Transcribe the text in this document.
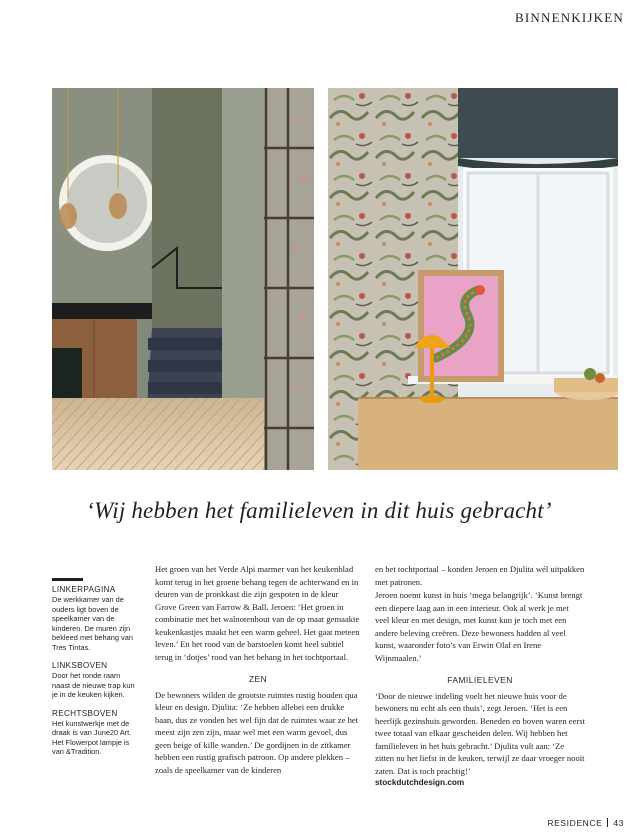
BINNENKIJKEN
‘Wij hebben het familieleven in dit huis gebracht’
LINKERPAGINA
De werkkamer van de ouders ligt boven de speelkamer van de kinderen. De muren zijn bekleed met behang van Tres Tintas.
LINKSBOVEN
Door het ronde raam naast de nieuwe trap kun je in de keuken kijken.
RECHTSBOVEN
Het kunstwerkje met de draak is van June20 Art. Het Flowerpot lampje is van &Tradition.

Het groen van het Verde Alpi marmer van het keukenblad komt terug in het groene behang tegen de achterwand en in deuren van de pronkkast die zijn gespoten in de kleur Grove Green van Farrow & Ball. Jeroen: ‘Het groen in combinatie met het walnotenhout van de op maat gemaakte keukenkastjes maakt het een warm geheel. Het gaat meteen leven.’ En het rood van de barstoelen komt heel subtiel terug in ‘dotjes’ rood van het behang in het tochtportaal.

ZEN

De bewoners wilden de grootste ruimtes rustig houden qua kleur en design. Djulita: ‘Ze hebben allebei een drukke baan, dus ze vonden het wel fijn dat de ruimtes waar ze het meest zijn zen zijn, maar wel met een warm gevoel, dus geen beige of kille wanden.’ De gordijnen in de zitkamer hebben een rustig grafisch patroon. Op andere plekken – zoals de speelkamer van de kinderen

en het tochtportaal – konden Jeroen en Djulita wél uitpakken met patronen.

Jeroen noemt kunst in huis ‘mega belangrijk’. ‘Kunst brengt een diepere laag aan in een interieur. Ook al werk je met veel kleur en met design, met kunst kun je toch met een andere beleving creëren. Deze bewoners hadden al veel kunst, waaronder foto’s van Erwin Olaf en Irene Wijnmaalen.’

FAMILIELEVEN

‘Door de nieuwe indeling voelt het nieuwe huis voor de bewoners nu echt als een thuis’, zegt Jeroen. ‘Het is een heerlijk gezinshuis geworden. Beneden en boven waren eerst twee totaal van elkaar gescheiden delen. Wij hebben het familieleven in het huis gebracht.’ Djulita vult aan: ‘Ze zitten nu het liefst in de keuken, terwijl ze daar vroeger nooit zaten. Dat is toch prachtig!’

stockdutchdesign.com
RESIDENCE 43
